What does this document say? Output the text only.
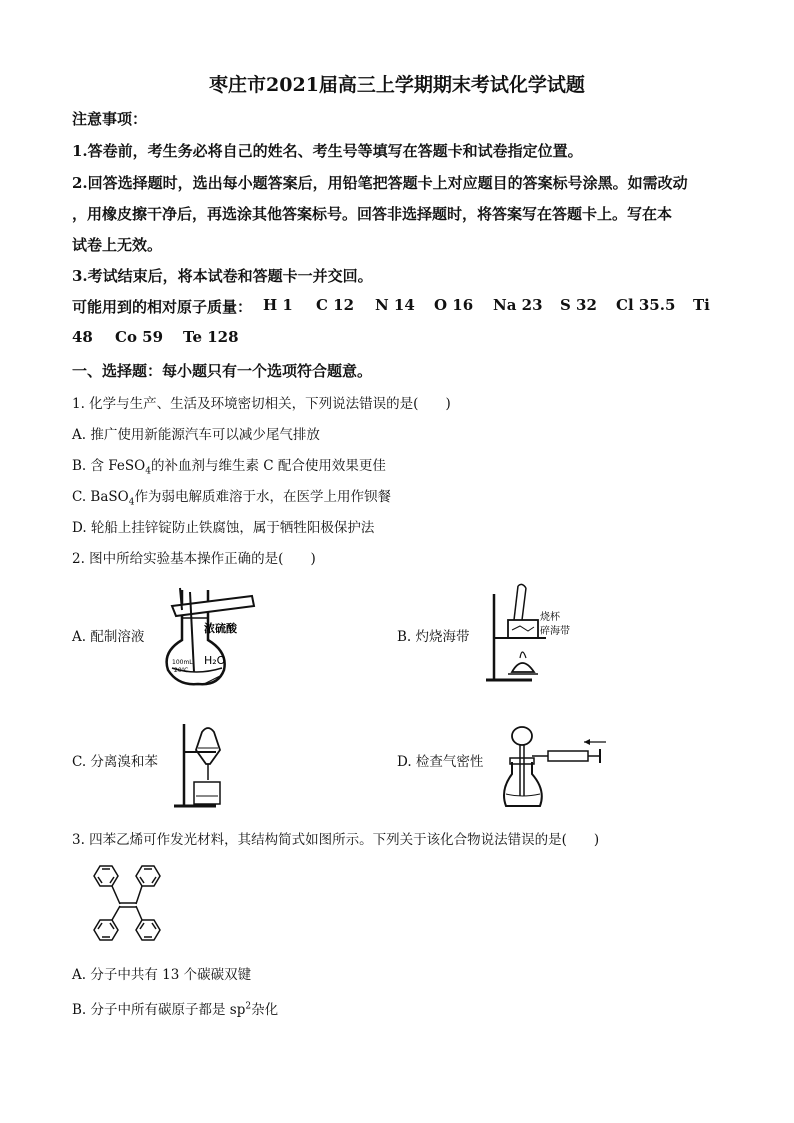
枣庄市2021届高三上学期期末考试化学试题
注意事项：
1.答卷前，考生务必将自己的姓名、考生号等填写在答题卡和试卷指定位置。
2.回答选择题时，选出每小题答案后，用铅笔把答题卡上对应题目的答案标号涂黑。如需改动
，用橡皮擦干净后，再选涂其他答案标号。回答非选择题时，将答案写在答题卡上。写在本
试卷上无效。
3.考试结束后，将本试卷和答题卡一并交回。
可能用到的相对原子质量： H 1 C 12 N 14 O 16 Na 23 S 32 Cl 35.5 Ti
48 Co 59 Te 128
一、选择题：每小题只有一个选项符合题意。
1. 化学与生产、生活及环境密切相关，下列说法错误的是(　　)
A. 推广使用新能源汽车可以减少尾气排放
B. 含 FeSO$_4$的补血剂与维生素 C 配合使用效果更佳
C. BaSO$_4$作为弱电解质难溶于水，在医学上用作钡餐
D. 轮船上挂锌锭防止铁腐蚀，属于牺牲阳极保护法
2. 图中所给实验基本操作正确的是(　　)
A. 配制溶液
浓硫酸
H₂O
100mL
20℃
B. 灼烧海带
烧杯
碎海带
C. 分离溴和苯	D. 检查气密性
3. 四苯乙烯可作发光材料，其结构简式如图所示。下列关于该化合物说法错误的是(　　)
A. 分子中共有 13 个碳碳双键
B. 分子中所有碳原子都是 $sp^2$杂化
